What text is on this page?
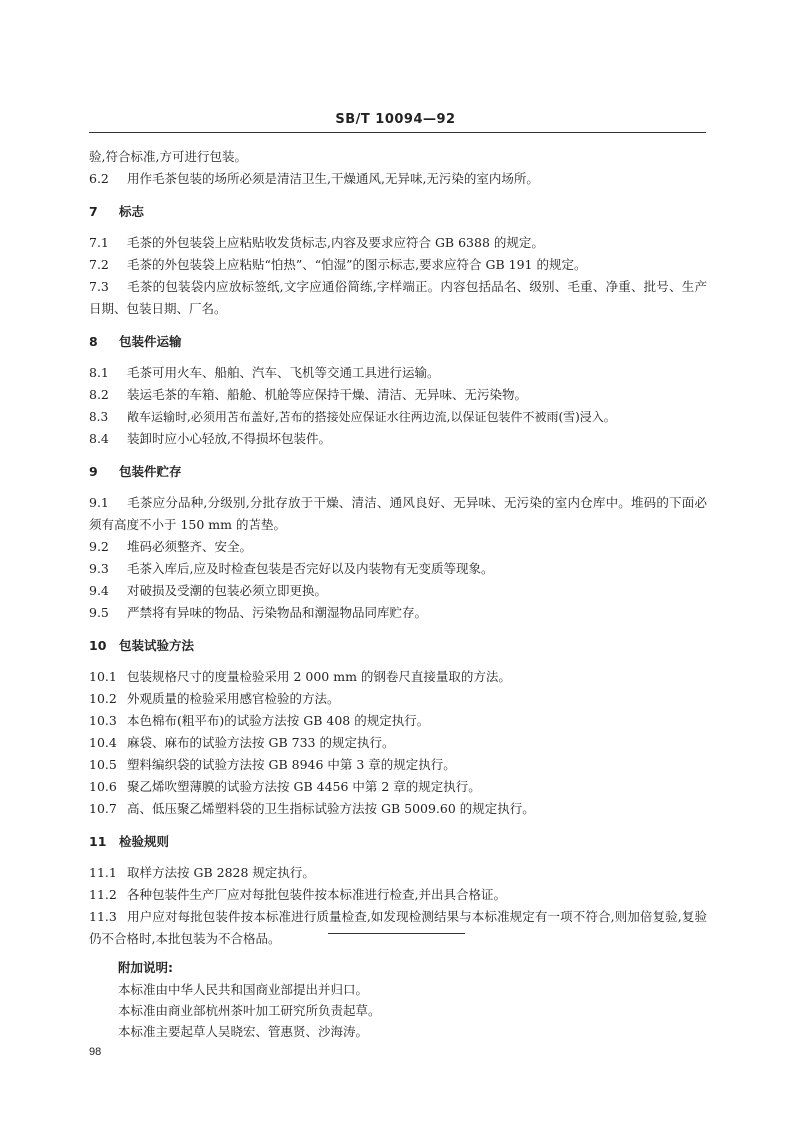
SB/T 10094—92
验,符合标准,方可进行包装。
6.2 用作毛茶包装的场所必须是清洁卫生,干燥通风,无异味,无污染的室内场所。
7 标志
7.1 毛茶的外包装袋上应粘贴收发货标志,内容及要求应符合 GB 6388 的规定。
7.2 毛茶的外包装袋上应粘贴“怕热”、“怕湿”的图示标志,要求应符合 GB 191 的规定。
7.3 毛茶的包装袋内应放标签纸,文字应通俗简练,字样端正。内容包括品名、级别、毛重、净重、批号、生产日期、包装日期、厂名。
8 包装件运输
8.1 毛茶可用火车、船舶、汽车、飞机等交通工具进行运输。
8.2 装运毛茶的车箱、船舱、机舱等应保持干燥、清洁、无异味、无污染物。
8.3 敞车运输时,必须用苫布盖好,苫布的搭接处应保证水往两边流,以保证包装件不被雨(雪)浸入。
8.4 装卸时应小心轻放,不得损坏包装件。
9 包装件贮存
9.1 毛茶应分品种,分级别,分批存放于干燥、清洁、通风良好、无异味、无污染的室内仓库中。堆码的下面必须有高度不小于 150 mm 的苫垫。
9.2 堆码必须整齐、安全。
9.3 毛茶入库后,应及时检查包装是否完好以及内装物有无变质等现象。
9.4 对破损及受潮的包装必须立即更换。
9.5 严禁将有异味的物品、污染物品和潮湿物品同库贮存。
10 包装试验方法
10.1 包装规格尺寸的度量检验采用 2 000 mm 的钢卷尺直接量取的方法。
10.2 外观质量的检验采用感官检验的方法。
10.3 本色棉布(粗平布)的试验方法按 GB 408 的规定执行。
10.4 麻袋、麻布的试验方法按 GB 733 的规定执行。
10.5 塑料编织袋的试验方法按 GB 8946 中第 3 章的规定执行。
10.6 聚乙烯吹塑薄膜的试验方法按 GB 4456 中第 2 章的规定执行。
10.7 高、低压聚乙烯塑料袋的卫生指标试验方法按 GB 5009.60 的规定执行。
11 检验规则
11.1 取样方法按 GB 2828 规定执行。
11.2 各种包装件生产厂应对每批包装件按本标准进行检查,并出具合格证。
11.3 用户应对每批包装件按本标准进行质量检查,如发现检测结果与本标准规定有一项不符合,则加倍复验,复验仍不合格时,本批包装为不合格品。
附加说明:
本标准由中华人民共和国商业部提出并归口。
本标准由商业部杭州茶叶加工研究所负责起草。
本标准主要起草人吴晓宏、管惠贤、沙海涛。
98
